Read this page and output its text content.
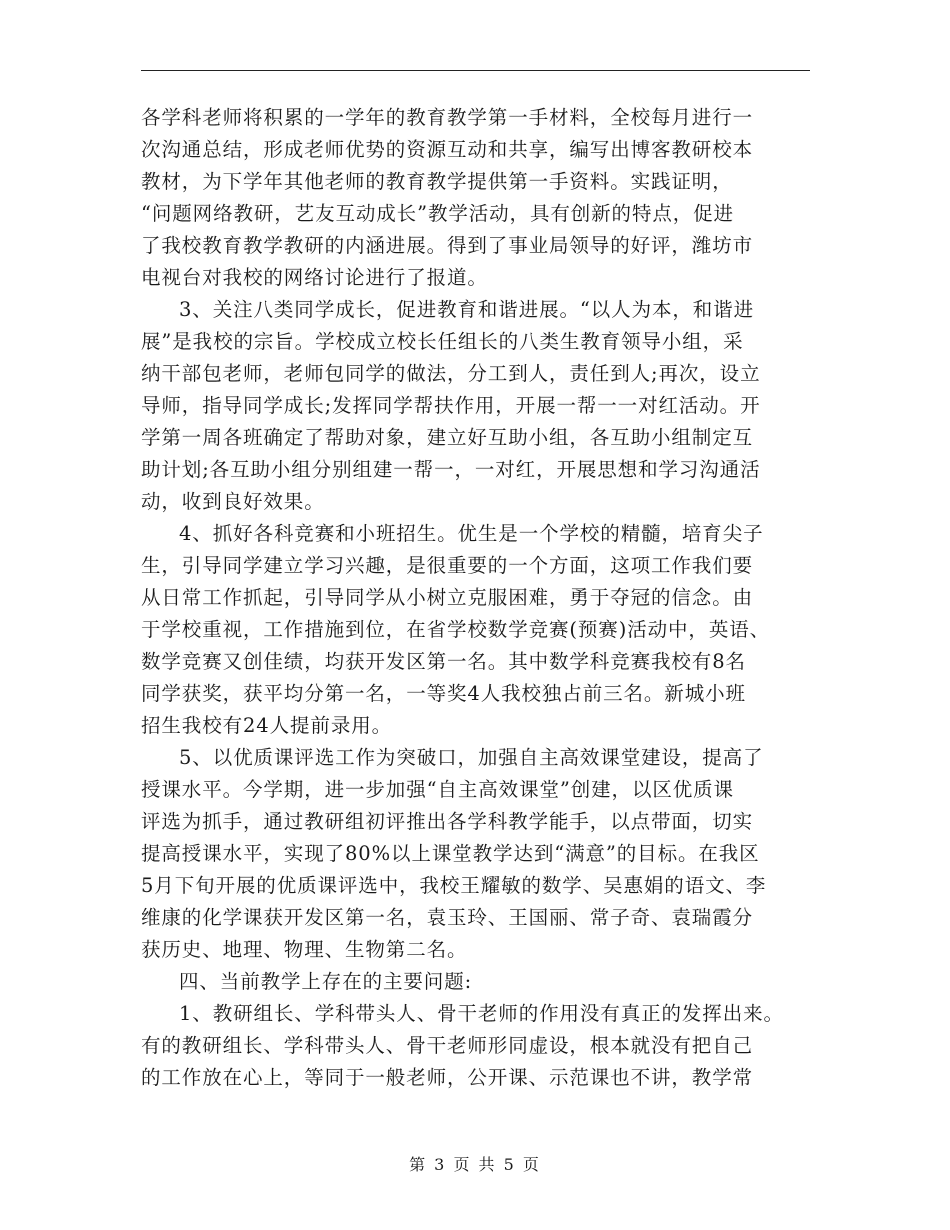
各学科老师将积累的一学年的教育教学第一手材料，全校每月进行一
次沟通总结，形成老师优势的资源互动和共享，编写出博客教研校本
教材，为下学年其他老师的教育教学提供第一手资料。实践证明，
“问题网络教研，艺友互动成长”教学活动，具有创新的特点，促进
了我校教育教学教研的内涵进展。得到了事业局领导的好评，潍坊市
电视台对我校的网络讨论进行了报道。
3、关注八类同学成长，促进教育和谐进展。“以人为本，和谐进
展”是我校的宗旨。学校成立校长任组长的八类生教育领导小组，采
纳干部包老师，老师包同学的做法，分工到人，责任到人;再次，设立
导师，指导同学成长;发挥同学帮扶作用，开展一帮一一对红活动。开
学第一周各班确定了帮助对象，建立好互助小组，各互助小组制定互
助计划;各互助小组分别组建一帮一，一对红，开展思想和学习沟通活
动，收到良好效果。
4、抓好各科竞赛和小班招生。优生是一个学校的精髓，培育尖子
生，引导同学建立学习兴趣，是很重要的一个方面，这项工作我们要
从日常工作抓起，引导同学从小树立克服困难，勇于夺冠的信念。由
于学校重视，工作措施到位，在省学校数学竞赛(预赛)活动中，英语、
数学竞赛又创佳绩，均获开发区第一名。其中数学科竞赛我校有8名
同学获奖，获平均分第一名，一等奖4人我校独占前三名。新城小班
招生我校有24人提前录用。
5、以优质课评选工作为突破口，加强自主高效课堂建设，提高了
授课水平。今学期，进一步加强“自主高效课堂”创建，以区优质课
评选为抓手，通过教研组初评推出各学科教学能手，以点带面，切实
提高授课水平，实现了80%以上课堂教学达到“满意”的目标。在我区
5月下旬开展的优质课评选中，我校王耀敏的数学、吴惠娟的语文、李
维康的化学课获开发区第一名，袁玉玲、王国丽、常子奇、袁瑞霞分
获历史、地理、物理、生物第二名。
四、当前教学上存在的主要问题:
1、教研组长、学科带头人、骨干老师的作用没有真正的发挥出来。
有的教研组长、学科带头人、骨干老师形同虚设，根本就没有把自己
的工作放在心上，等同于一般老师，公开课、示范课也不讲，教学常
第 3 页 共 5 页
